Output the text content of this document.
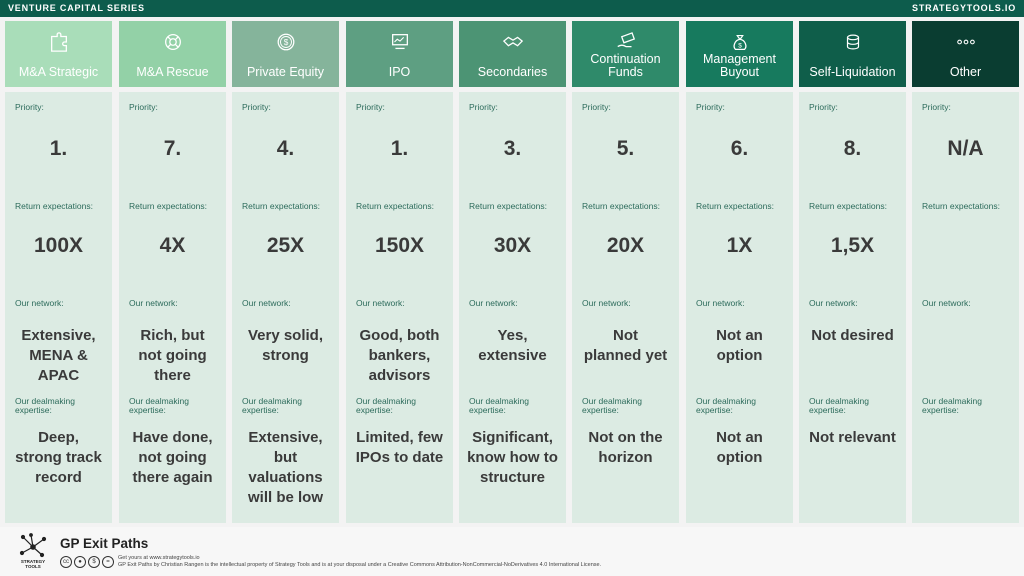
VENTURE CAPITAL SERIES	STRATEGYTOOLS.IO
M&A Strategic
Priority:
1.
Return expectations:
100X
Our network:
Extensive,
MENA &
APAC
Our dealmaking
expertise:
Deep,
strong track
record
M&A Rescue
Priority:
7.
Return expectations:
4X
Our network:
Rich, but
not going
there
Our dealmaking
expertise:
Have done,
not going
there again
$
Private Equity
Priority:
4.
Return expectations:
25X
Our network:
Very solid,
strong
Our dealmaking
expertise:
Extensive,
but
valuations
will be low
IPO
Priority:
1.
Return expectations:
150X
Our network:
Good, both
bankers,
advisors
Our dealmaking
expertise:
Limited, few
IPOs to date
Secondaries
Priority:
3.
Return expectations:
30X
Our network:
Yes,
extensive
Our dealmaking
expertise:
Significant,
know how to
structure
Continuation
Funds
Priority:
5.
Return expectations:
20X
Our network:
Not
planned yet
Our dealmaking
expertise:
Not on the
horizon
$
Management
Buyout
Priority:
6.
Return expectations:
1X
Our network:
Not an
option
Our dealmaking
expertise:
Not an
option
Self-Liquidation
Priority:
8.
Return expectations:
1,5X
Our network:
Not desired
Our dealmaking
expertise:
Not relevant
Other
Priority:
N/A
Return expectations:
Our network:
Our dealmaking
expertise:
STRATEGY
TOOLS
GP Exit Paths
cc	●	$	=
Get yours at www.strategytools.io
GP Exit Paths by Christian Rangen is the intellectual property of Strategy Tools and is at your disposal under a Creative Commons Attribution-NonCommercial-NoDerivatives 4.0 International License.
